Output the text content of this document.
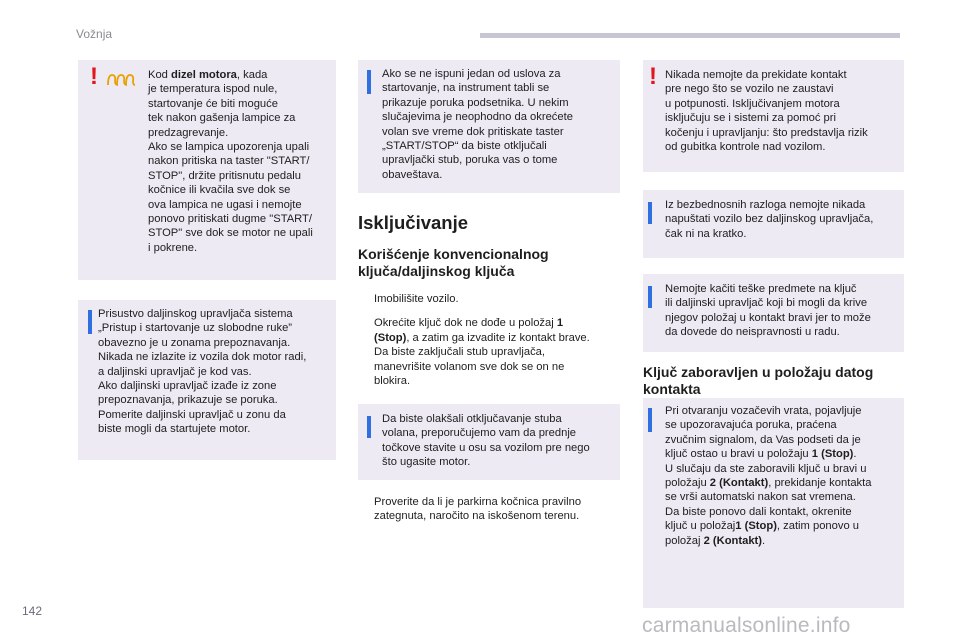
Vožnja
142
carmanualsonline.info
!	Kod dizel motora, kada

je temperatura ispod nule,

startovanje će biti moguće

tek nakon gašenja lampice za

predzagrevanje.

Ako se lampica upozorenja upali

nakon pritiska na taster "START/

STOP", držite pritisnutu pedalu

kočnice ili kvačila sve dok se

ova lampica ne ugasi i nemojte

ponovo pritiskati dugme "START/

STOP" sve dok se motor ne upali

i pokrene.

Prisustvo daljinskog upravljača sistema

„Pristup i startovanje uz slobodne ruke”

obavezno je u zonama prepoznavanja.

Nikada ne izlazite iz vozila dok motor radi,

a daljinski upravljač je kod vas.

Ako daljinski upravljač izađe iz zone

prepoznavanja, prikazuje se poruka.

Pomerite daljinski upravljač u zonu da

biste mogli da startujete motor.

Ako se ne ispuni jedan od uslova za

startovanje, na instrument tabli se

prikazuje poruka podsetnika. U nekim

slučajevima je neophodno da okrećete

volan sve vreme dok pritiskate taster

„START/STOP“ da biste otključali

upravljački stub, poruka vas o tome

obaveštava.

Isključivanje
Korišćenje konvencionalnog
ključa/daljinskog ključa

Imobilišite vozilo.

Okrećite ključ dok ne dođe u položaj 1

(Stop), a zatim ga izvadite iz kontakt brave.

Da biste zaključali stub upravljača,

manevrišite volanom sve dok se on ne

blokira.

Da biste olakšali otključavanje stuba

volana, preporučujemo vam da prednje

točkove stavite u osu sa vozilom pre nego

što ugasite motor.

Proverite da li je parkirna kočnica pravilno

zategnuta, naročito na iskošenom terenu.

! Nikada nemojte da prekidate kontakt

pre nego što se vozilo ne zaustavi

u potpunosti. Isključivanjem motora

isključuju se i sistemi za pomoć pri

kočenju i upravljanju: što predstavlja rizik

od gubitka kontrole nad vozilom.

Iz bezbednosnih razloga nemojte nikada

napuštati vozilo bez daljinskog upravljača,

čak ni na kratko.

Nemojte kačiti teške predmete na ključ

ili daljinski upravljač koji bi mogli da krive

njegov položaj u kontakt bravi jer to može

da dovede do neispravnosti u radu.

Ključ zaboravljen u položaju datog
kontakta

Pri otvaranju vozačevih vrata, pojavljuje

se upozoravajuća poruka, praćena

zvučnim signalom, da Vas podseti da je

ključ ostao u bravi u položaju 1 (Stop).

U slučaju da ste zaboravili ključ u bravi u

položaju 2 (Kontakt), prekidanje kontakta

se vrši automatski nakon sat vremena.

Da biste ponovo dali kontakt, okrenite

ključ u položaj1 (Stop), zatim ponovo u

položaj 2 (Kontakt).
